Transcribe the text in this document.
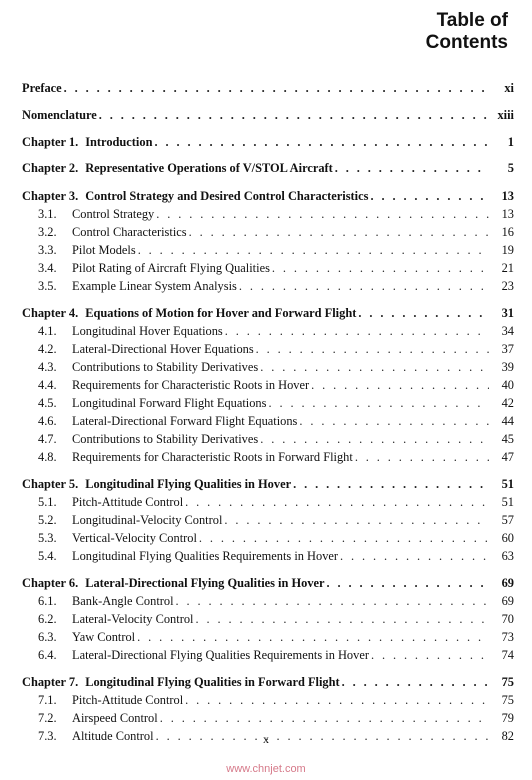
Table of
Contents
Preface . . .	xi
Nomenclature . . .	xiii
Chapter 1. Introduction . . .	1
Chapter 2. Representative Operations of V/STOL Aircraft . . .	5
Chapter 3. Control Strategy and Desired Control Characteristics . . .	13
3.1.	Control Strategy . . .	13
3.2.	Control Characteristics . . .	16
3.3.	Pilot Models . . .	19
3.4.	Pilot Rating of Aircraft Flying Qualities . . .	21
3.5.	Example Linear System Analysis . . .	23
Chapter 4. Equations of Motion for Hover and Forward Flight . . .	31
4.1.	Longitudinal Hover Equations . . .	34
4.2.	Lateral-Directional Hover Equations . . .	37
4.3.	Contributions to Stability Derivatives . . .	39
4.4.	Requirements for Characteristic Roots in Hover . . .	40
4.5.	Longitudinal Forward Flight Equations . . .	42
4.6.	Lateral-Directional Forward Flight Equations . . .	44
4.7.	Contributions to Stability Derivatives . . .	45
4.8.	Requirements for Characteristic Roots in Forward Flight . . .	47
Chapter 5. Longitudinal Flying Qualities in Hover . . .	51
5.1.	Pitch-Attitude Control . . .	51
5.2.	Longitudinal-Velocity Control . . .	57
5.3.	Vertical-Velocity Control . . .	60
5.4.	Longitudinal Flying Qualities Requirements in Hover . . .	63
Chapter 6. Lateral-Directional Flying Qualities in Hover . . .	69
6.1.	Bank-Angle Control . . .	69
6.2.	Lateral-Velocity Control . . .	70
6.3.	Yaw Control . . .	73
6.4.	Lateral-Directional Flying Qualities Requirements in Hover . . .	74
Chapter 7. Longitudinal Flying Qualities in Forward Flight . . .	75
7.1.	Pitch-Attitude Control . . .	75
7.2.	Airspeed Control . . .	79
7.3.	Altitude Control . . .	82
x
www.chnjet.com
